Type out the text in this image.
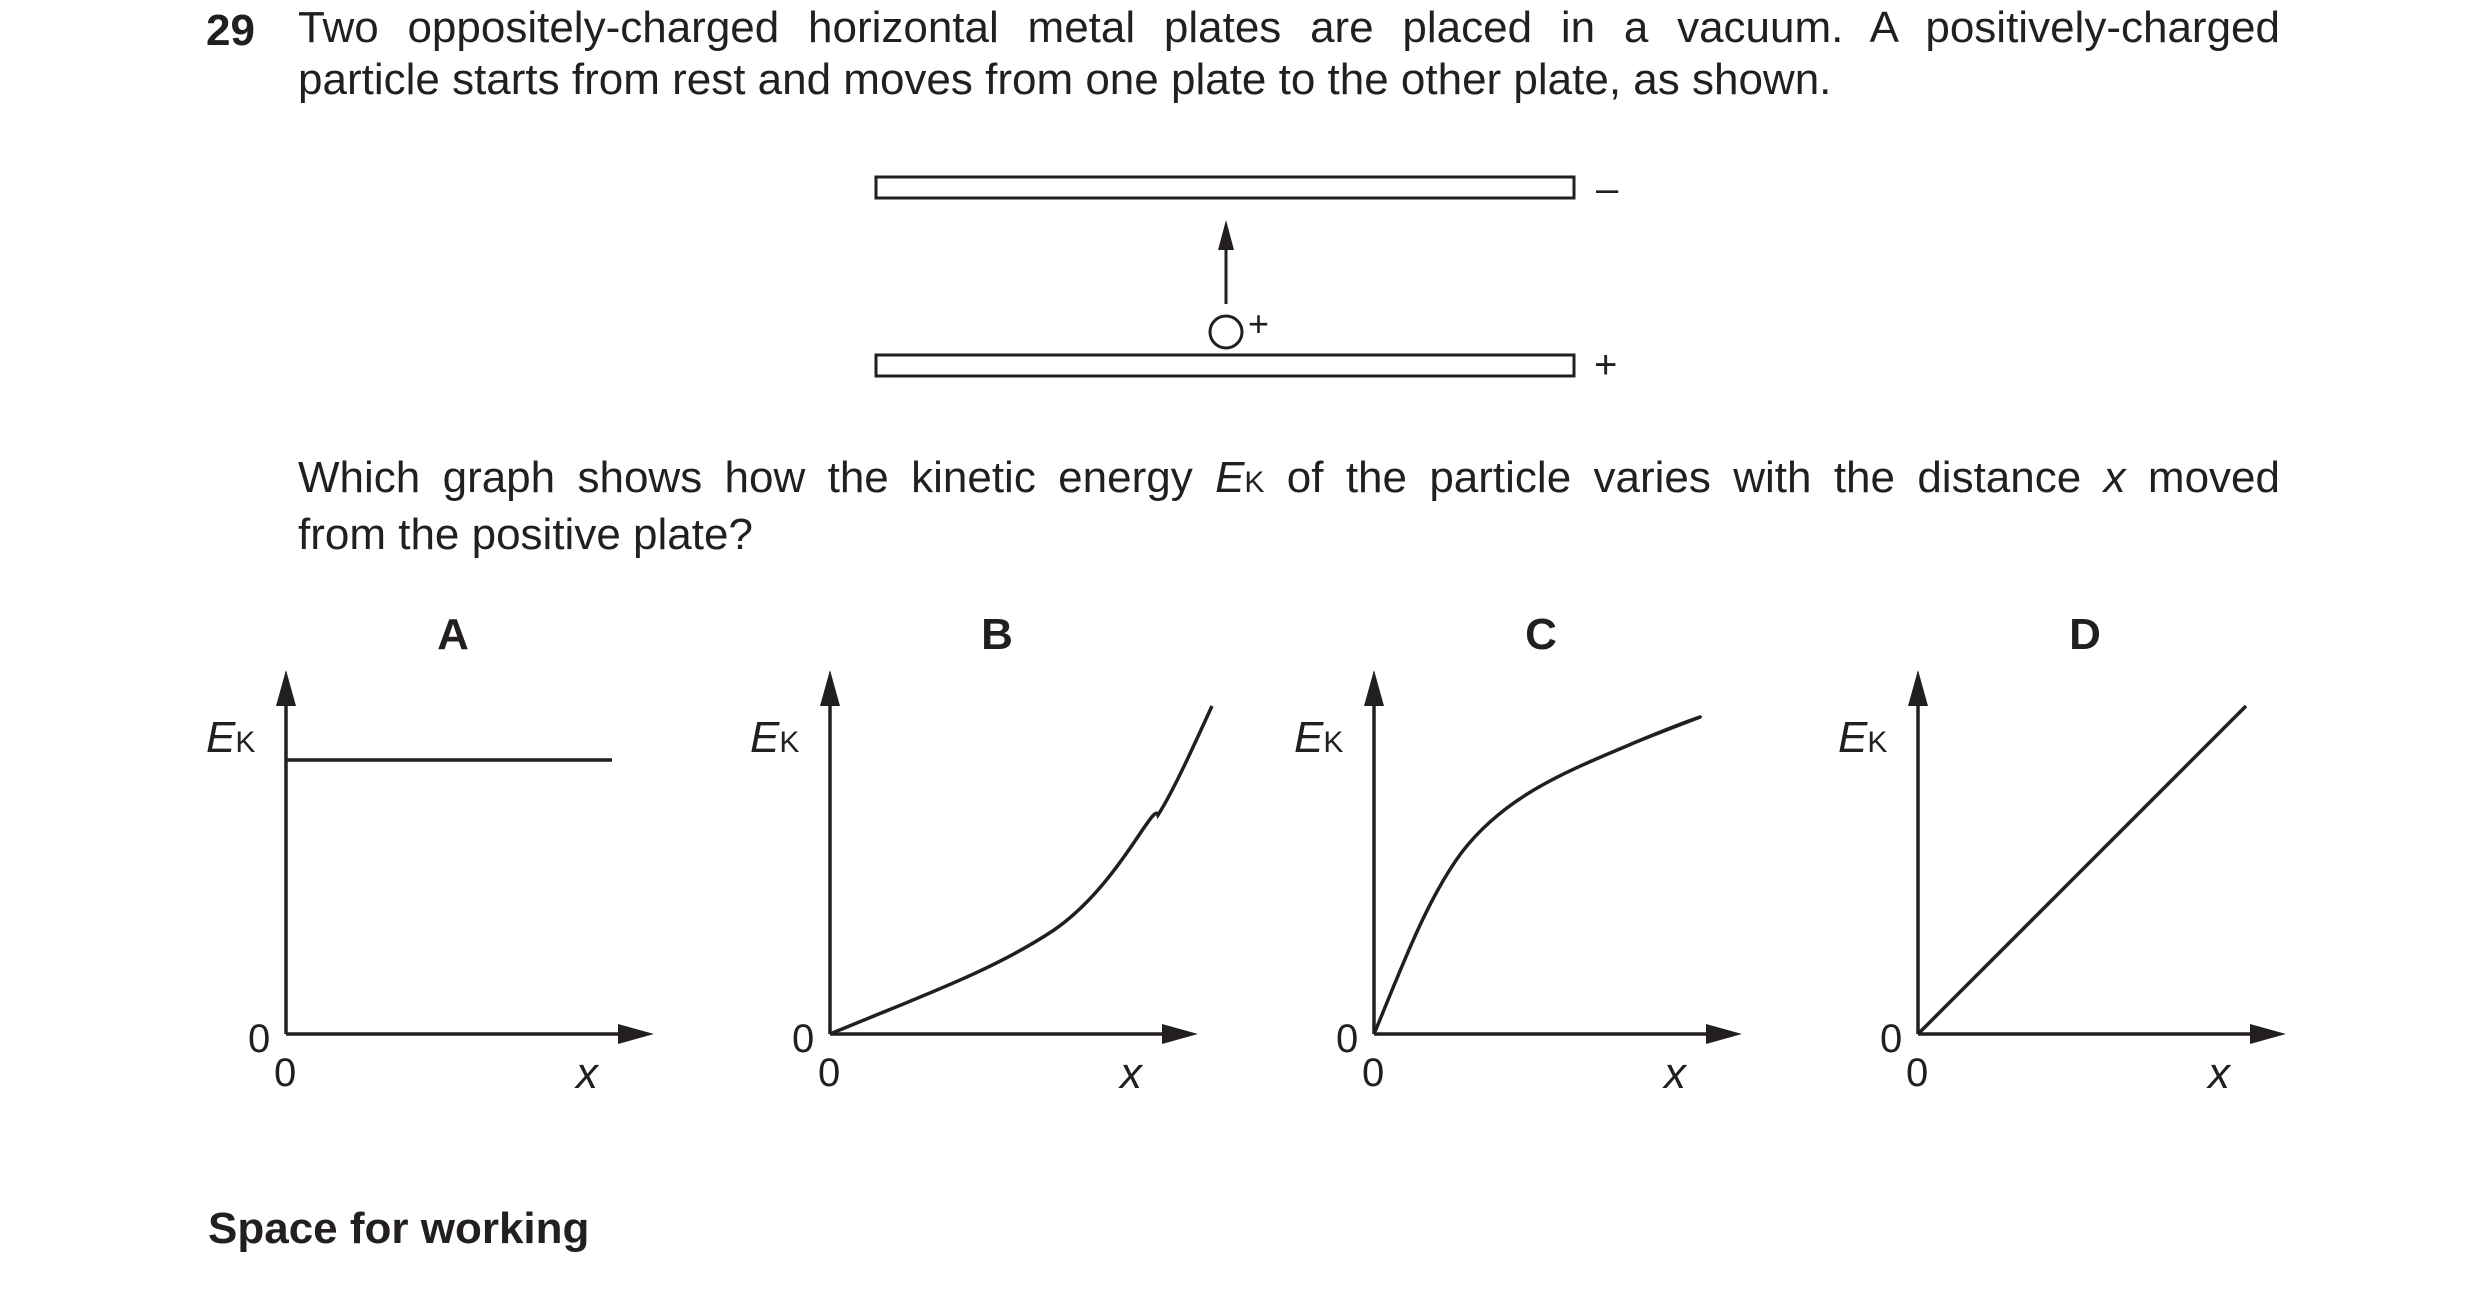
29 Two oppositely-charged horizontal metal plates are placed in a vacuum. A positively-charged
particle starts from rest and moves from one plate to the other plate, as shown.
Which graph shows how the kinetic energy EK of the particle varies with the distance x moved
from the positive plate?
–
+
+
A
EK
0
0	x
B
EK
0
0	x
C
EK
0
0	x
D
EK
0
0	x
Space for working
